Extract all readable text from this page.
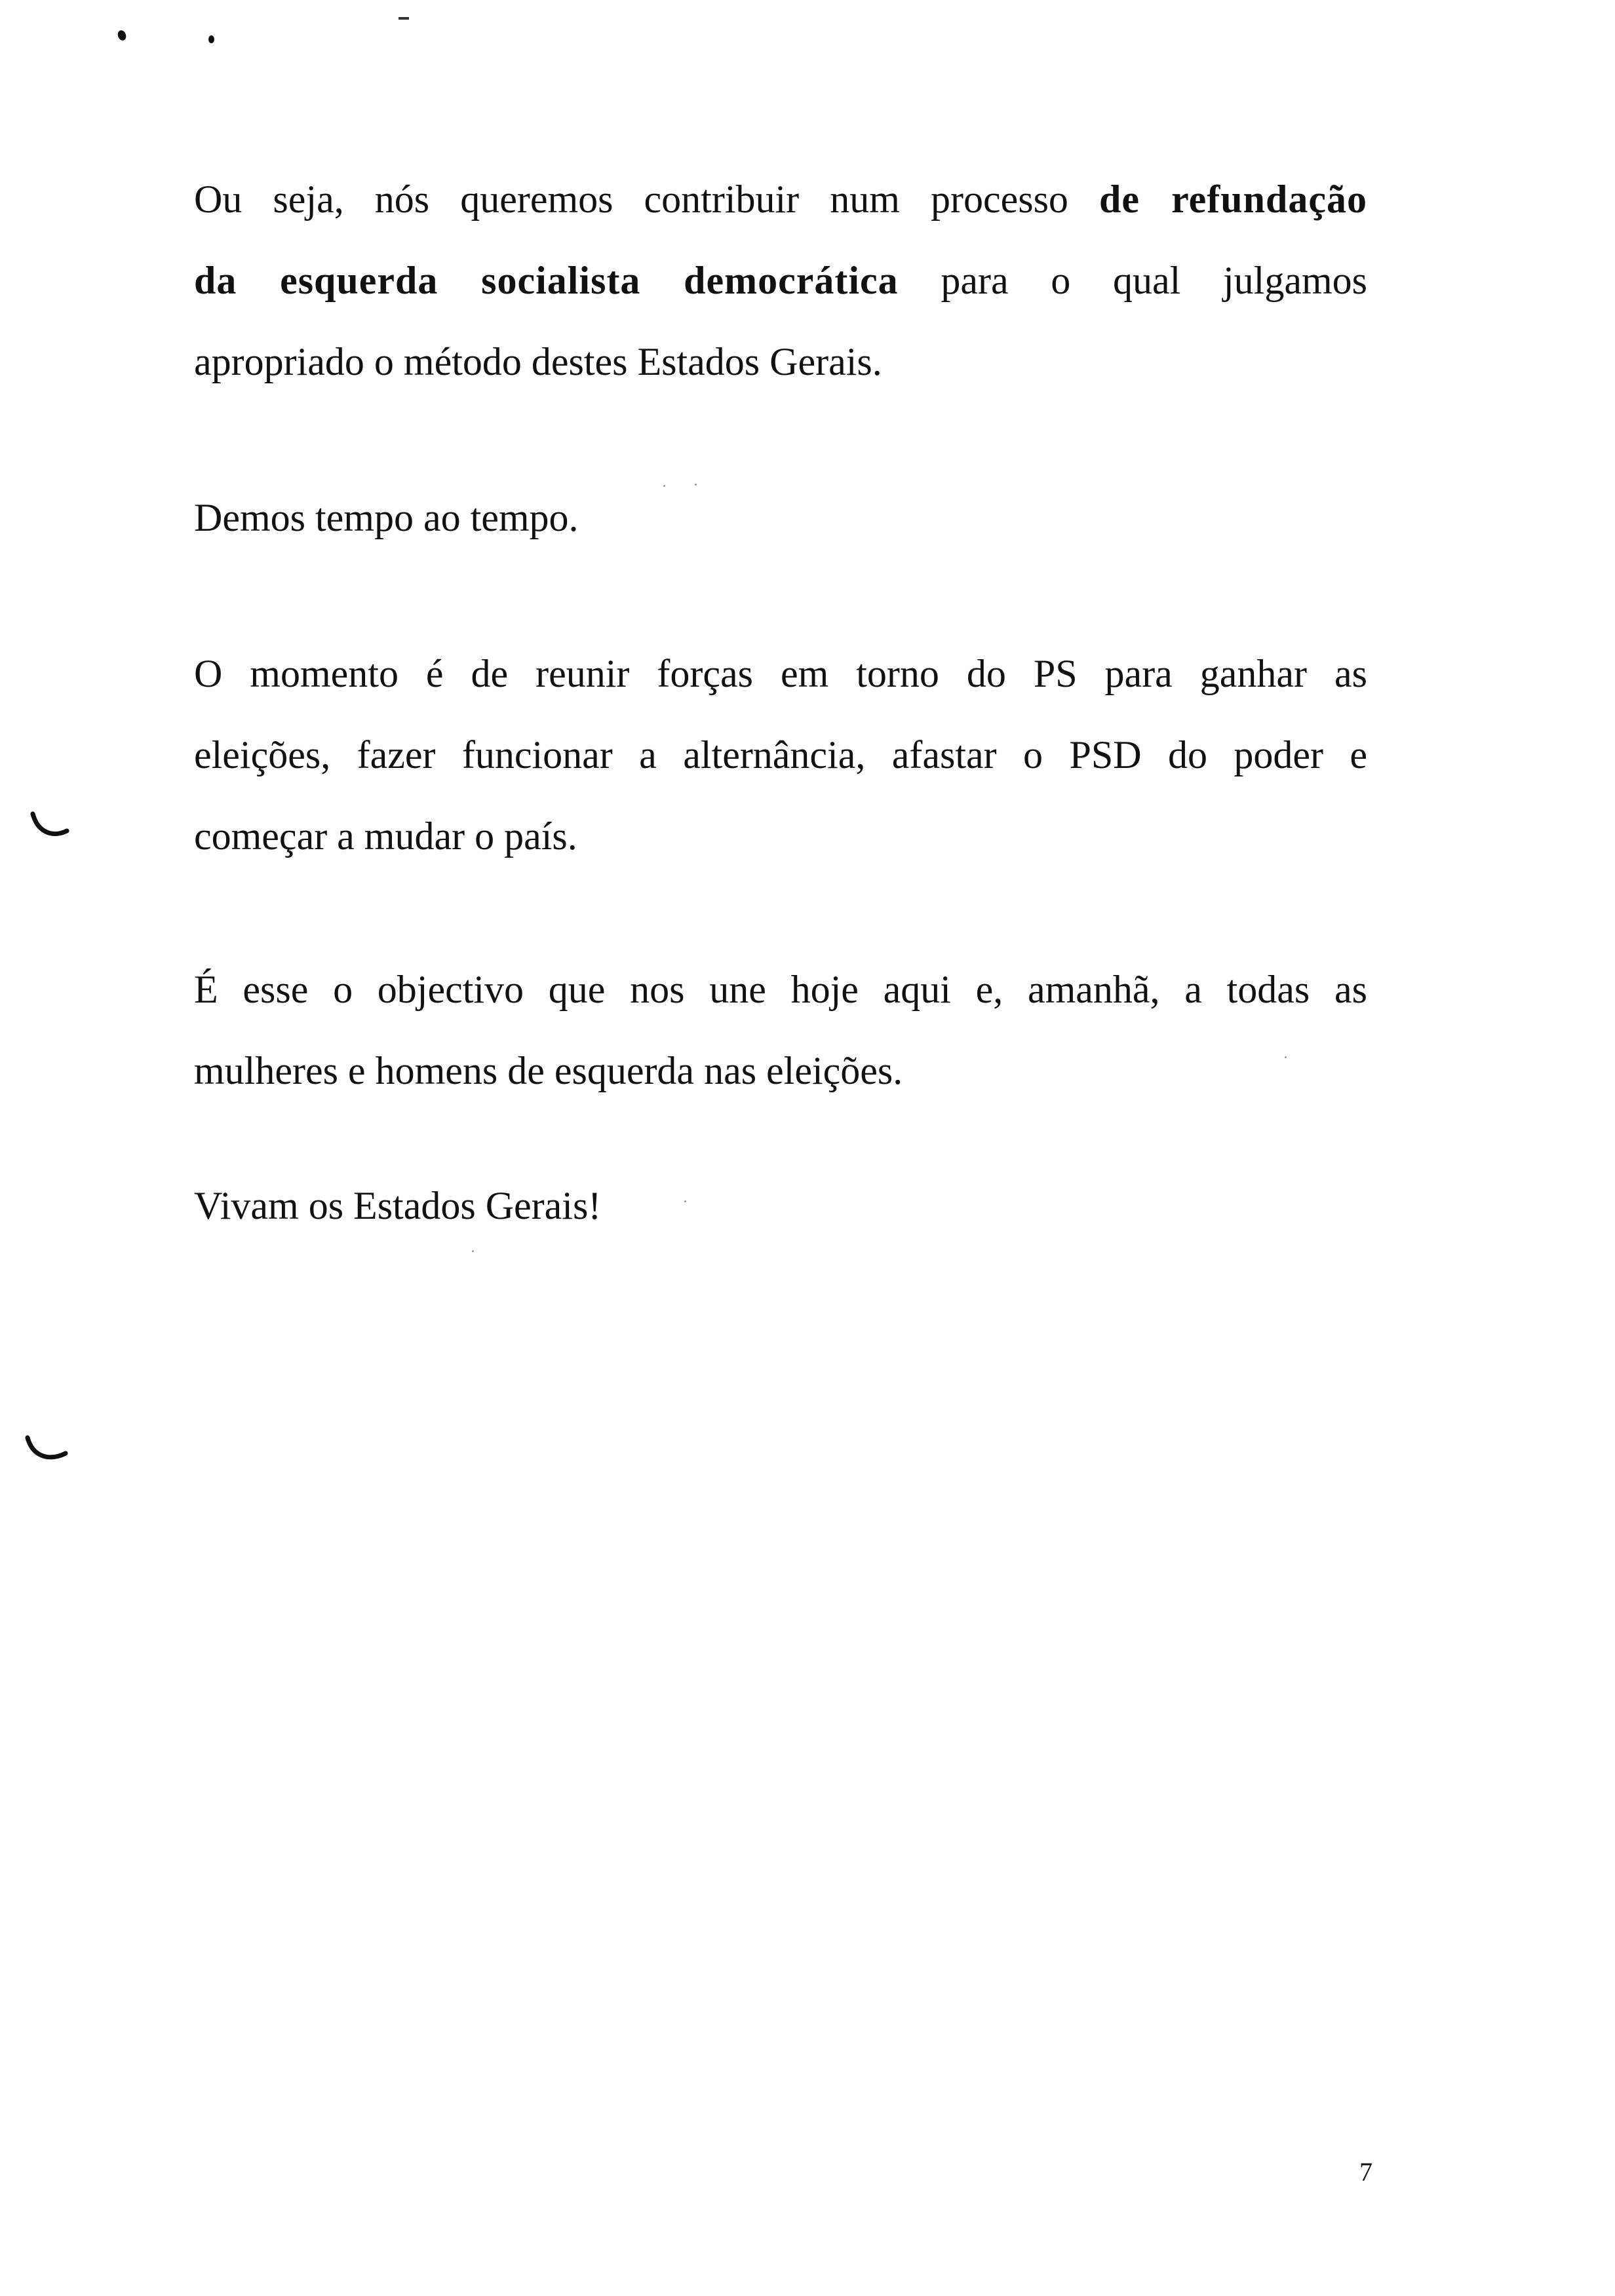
Ou seja, nós queremos contribuir num processo de refundação
da esquerda socialista democrática para o qual julgamos
apropriado o método destes Estados Gerais.

Demos tempo ao tempo.

O momento é de reunir forças em torno do PS para ganhar as
eleições, fazer funcionar a alternância, afastar o PSD do poder e
começar a mudar o país.

É esse o objectivo que nos une hoje aqui e, amanhã, a todas as
mulheres e homens de esquerda nas eleições.

Vivam os Estados Gerais!

7
